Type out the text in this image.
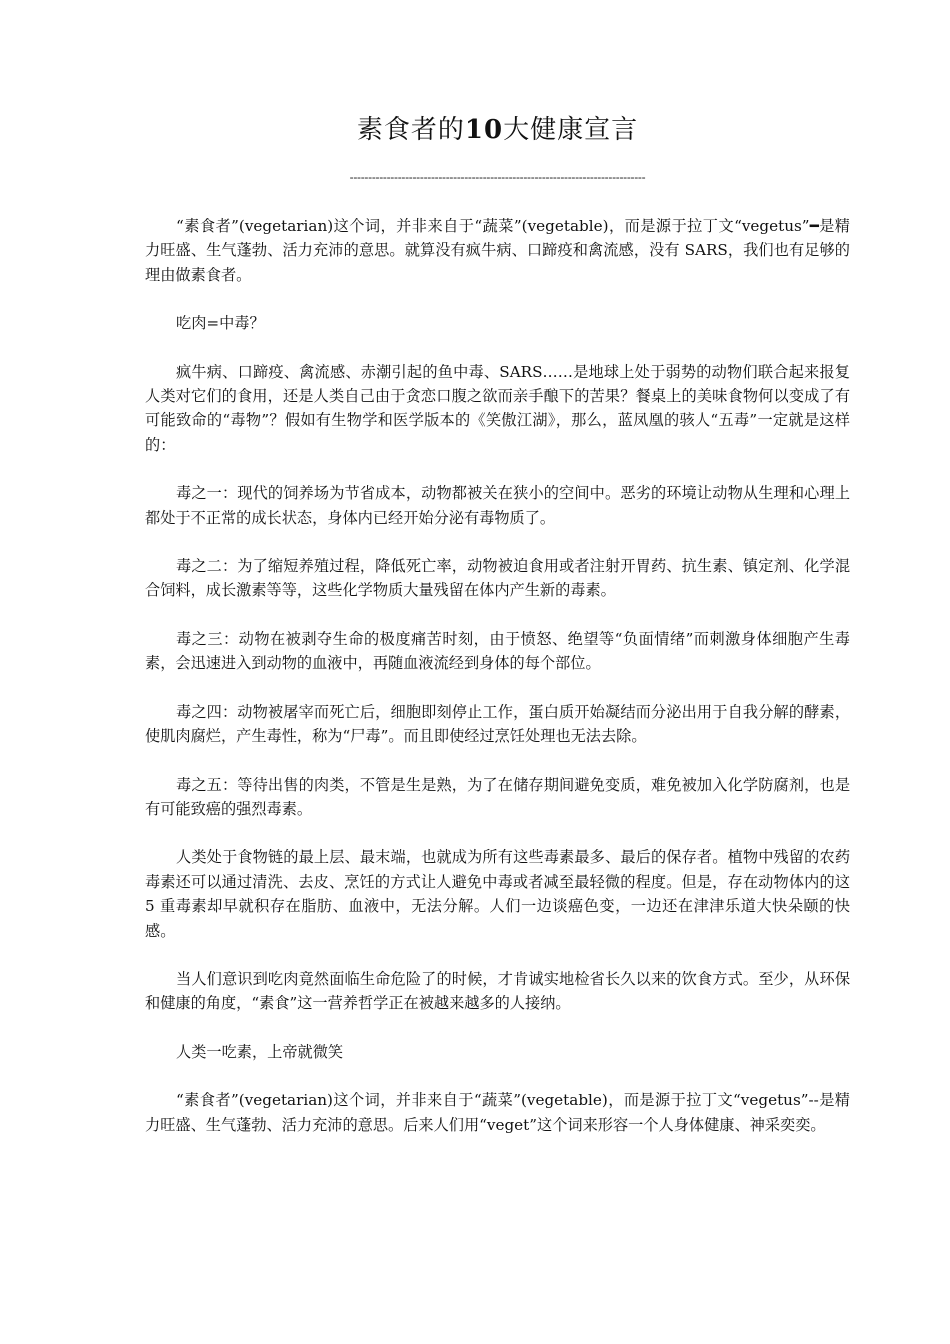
素食者的10大健康宣言
--------------------------------------------------------------------------------

“素食者”(vegetarian)这个词，并非来自于“蔬菜”(vegetable)，而是源于拉丁文“vegetus”━是精力旺盛、生气蓬勃、活力充沛的意思。就算没有疯牛病、口蹄疫和禽流感，没有 SARS，我们也有足够的理由做素食者。

吃肉=中毒？

疯牛病、口蹄疫、禽流感、赤潮引起的鱼中毒、SARS……是地球上处于弱势的动物们联合起来报复人类对它们的食用，还是人类自己由于贪恋口腹之欲而亲手酿下的苦果？餐桌上的美味食物何以变成了有可能致命的“毒物”？假如有生物学和医学版本的《笑傲江湖》，那么，蓝凤凰的骇人“五毒”一定就是这样的：

毒之一：现代的饲养场为节省成本，动物都被关在狭小的空间中。恶劣的环境让动物从生理和心理上都处于不正常的成长状态，身体内已经开始分泌有毒物质了。

毒之二：为了缩短养殖过程，降低死亡率，动物被迫食用或者注射开胃药、抗生素、镇定剂、化学混合饲料，成长激素等等，这些化学物质大量残留在体内产生新的毒素。

毒之三：动物在被剥夺生命的极度痛苦时刻，由于愤怒、绝望等“负面情绪”而刺激身体细胞产生毒素，会迅速进入到动物的血液中，再随血液流经到身体的每个部位。

毒之四：动物被屠宰而死亡后，细胞即刻停止工作，蛋白质开始凝结而分泌出用于自我分解的酵素，使肌肉腐烂，产生毒性，称为“尸毒”。而且即使经过烹饪处理也无法去除。

毒之五：等待出售的肉类，不管是生是熟，为了在储存期间避免变质，难免被加入化学防腐剂，也是有可能致癌的强烈毒素。

人类处于食物链的最上层、最末端，也就成为所有这些毒素最多、最后的保存者。植物中残留的农药毒素还可以通过清洗、去皮、烹饪的方式让人避免中毒或者减至最轻微的程度。但是，存在动物体内的这 5 重毒素却早就积存在脂肪、血液中，无法分解。人们一边谈癌色变，一边还在津津乐道大快朵颐的快感。

当人们意识到吃肉竟然面临生命危险了的时候，才肯诚实地检省长久以来的饮食方式。至少，从环保和健康的角度，“素食”这一营养哲学正在被越来越多的人接纳。

人类一吃素，上帝就微笑

“素食者”(vegetarian)这个词，并非来自于“蔬菜”(vegetable)，而是源于拉丁文“vegetus”--是精力旺盛、生气蓬勃、活力充沛的意思。后来人们用“veget”这个词来形容一个人身体健康、神采奕奕。
